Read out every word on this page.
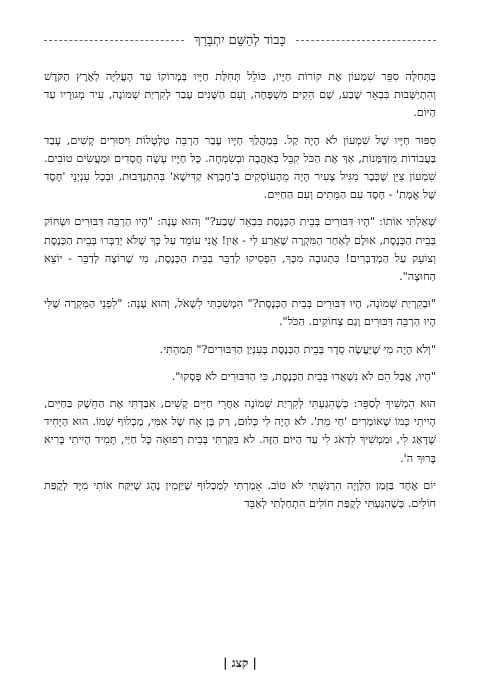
כָּבוֹד לְהַשֵּׁם יִתְבָּרַךְ

בַּתְּחִלָּה סִפֵּר שִׁמְעוֹן אֶת קוֹרוֹת חַיָּיו, כּוֹלֵל תְּחִלַּת חַיָּיו בְּמָרוֹקוֹ עַד הָעֲלִיָּה לְאֶרֶץ הַקֹּדֶשׁ וְהִתְיַשְּׁבוּת בִּבְאֵר שֶׁבַע, שָׁם הֵקִים מִשְׁפָּחָה, וְעִם הַשָּׁנִים עָבַר לְקִרְיַת שְׁמוֹנָה, עִיר מְגוּרָיו עַד הַיּוֹם.

סִפּוּר חַיָּיו שֶׁל שִׁמְעוֹן לֹא הָיָה קַל. בְּמַהֲלַךְ חַיָּיו עָבַר הַרְבֵּה טַלְטָלוֹת וִיסוּרִים קָשִׁים, עָבַד בַּעֲבוֹדוֹת מִזְדַּמְּנוֹת, אַךְ אֶת הַכֹּל קִבֵּל בְּאַהֲבָה וּבְשִׂמְחָה. כָּל חַיָּיו עָשָׂה חֲסָדִים וּמַעֲשִׂים טוֹבִים. שִׁמְעוֹן צִיֵּן שֶׁכְּבָר מִגִּיל צָעִיר הָיָה מֵהָעוֹסְקִים בַּ'חֶבְרָא קַדִּישָׁא' בְּהִתְנַדְּבוּת, וּבְכָל עִנְיְנֵי 'חֶסֶד שֶׁל אֱמֶת' - חֶסֶד עִם הַמֵּתִים וְעִם הַחַיִּים.

שָׁאַלְתִּי אוֹתוֹ: "הָיוּ דִּבּוּרִים בְּבֵית הַכְּנֶסֶת בִּבְאֵר שֶׁבַע?" וְהוּא עָנָה: "הָיוּ הַרְבֵּה דִּבּוּרִים וּשְׂחוֹק בְּבֵית הַכְּנֶסֶת, אוּלָם לְאַחַר הַמִּקְרֶה שֶׁאֵרַע לִי - אַיִן! אֲנִי עוֹמֵד עַל כָּךְ שֶׁלֹּא יְדַבְּרוּ בְּבֵית הַכְּנֶסֶת וְצוֹעֵק עַל הַמְדַבְּרִים! כִּתְגוּבָה מִכָּךְ, הִפְסִיקוּ לְדַבֵּר בְּבֵית הַכְּנֶסֶת, מִי שֶׁרוֹצֶה לְדַבֵּר - יוֹצֵא הַחוּצָה".

"וּבְקִרְיַת שְׁמוֹנָה, הָיוּ דִּבּוּרִים בְּבֵית הַכְּנֶסֶת?" הִמְשַׁכְתִּי לִשְׁאֹל, וְהוּא עָנָה: "לִפְנֵי הַמִּקְרֶה שֶׁלִּי הָיוּ הַרְבֵּה דִּבּוּרִים וְגַם צְחוֹקִים. הַכֹּל".

"וְלֹא הָיָה מִי שֶׁיַּעֲשֶׂה סֵדֶר בְּבֵית הַכְּנֶסֶת בְּעִנְיַן הַדִּבּוּרִים?" תָּמַהְתִּי.

"הָיוּ, אֲבָל הֵם לֹא נִשְׁאֲרוּ בְּבֵית הַכְּנֶסֶת, כִּי הַדִּבּוּרִים לֹא פָּסְקוּ".

הוּא הִמְשִׁיךְ לְסַפֵּר: כְּשֶׁהִגַּעְתִּי לְקִרְיַת שְׁמוֹנָה אַחֲרֵי חַיִּים קָשִׁים, אִבַּדְתִּי אֶת הַחֵשֶׁק בַּחַיִּים, הָיִיתִי כְּמוֹ שֶׁאוֹמְרִים 'חַי מֵת'. לֹא הָיָה לִי כְּלוּם, רַק בֶּן אָח שֶׁל אִמִּי, מַכְלוֹף שְׁמוֹ. הוּא הַיָּחִיד שֶׁדָּאַג לִי, וּמַמְשִׁיךְ לִדְאֹג לִי עַד הַיּוֹם הַזֶּה. לֹא בִּקַּרְתִּי בְּבֵית רְפוּאָה כָּל חַיַּי, תָּמִיד הָיִיתִי בָּרִיא בָּרוּךְ ה'.

יוֹם אֶחָד בַּזְּמַן הַלְּוָיָה הִרְגַּשְׁתִּי לֹא טוֹב. אָמַרְתִּי לְמַכְלוֹף שֶׁיַּזְמִין נֶהָג שֶׁיִּקַּח אוֹתִי מִיָּד לְקֻפַּת חוֹלִים. כְּשֶׁהִגַּעְתִּי לְקֻפַּת חוֹלִים הִתְחַלְתִּי לְאַבֵּד

| קצג |
